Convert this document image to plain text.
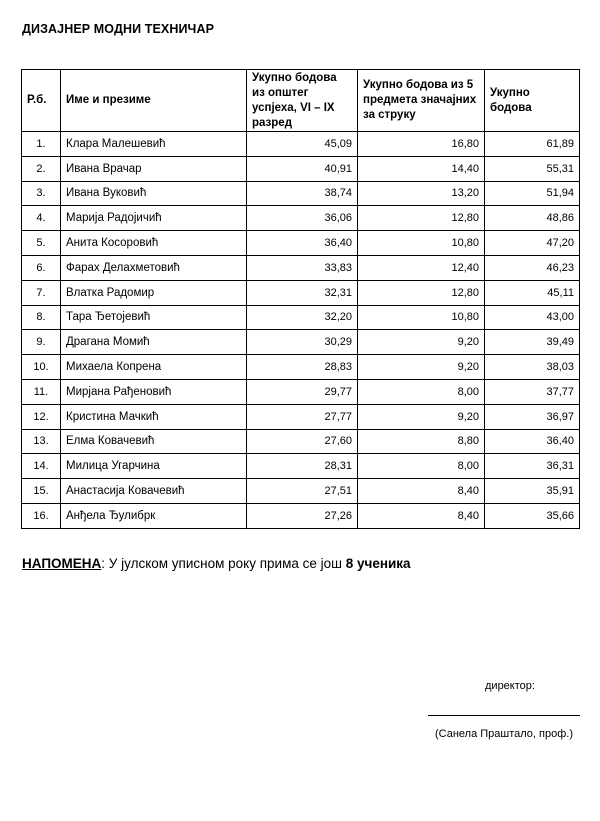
ДИЗАЈНЕР МОДНИ ТЕХНИЧАР
Р.б.	Име и презиме	Укупно бодова из општег успјеха, VI – IX разред	Укупно бодова из 5 предмета значајних за струку	Укупно бодова
1.	Клара Малешевић	45,09	16,80	61,89
2.	Ивана Врачар	40,91	14,40	55,31
3.	Ивана Вуковић	38,74	13,20	51,94
4.	Марија Радојичић	36,06	12,80	48,86
5.	Анита Косоровић	36,40	10,80	47,20
6.	Фарах Делахметовић	33,83	12,40	46,23
7.	Влатка Радомир	32,31	12,80	45,11
8.	Тара Ђетојевић	32,20	10,80	43,00
9.	Драгана Момић	30,29	9,20	39,49
10.	Михаела Копрена	28,83	9,20	38,03
11.	Мирјана Рађеновић	29,77	8,00	37,77
12.	Кристина Мачкић	27,77	9,20	36,97
13.	Елма Ковачевић	27,60	8,80	36,40
14.	Милица Угарчина	28,31	8,00	36,31
15.	Анастасија Ковачевић	27,51	8,40	35,91
16.	Анђела Ђулибрк	27,26	8,40	35,66
НАПОМЕНА: У јулском уписном року прима се још 8 ученика
директор:
(Санела Праштало, проф.)
